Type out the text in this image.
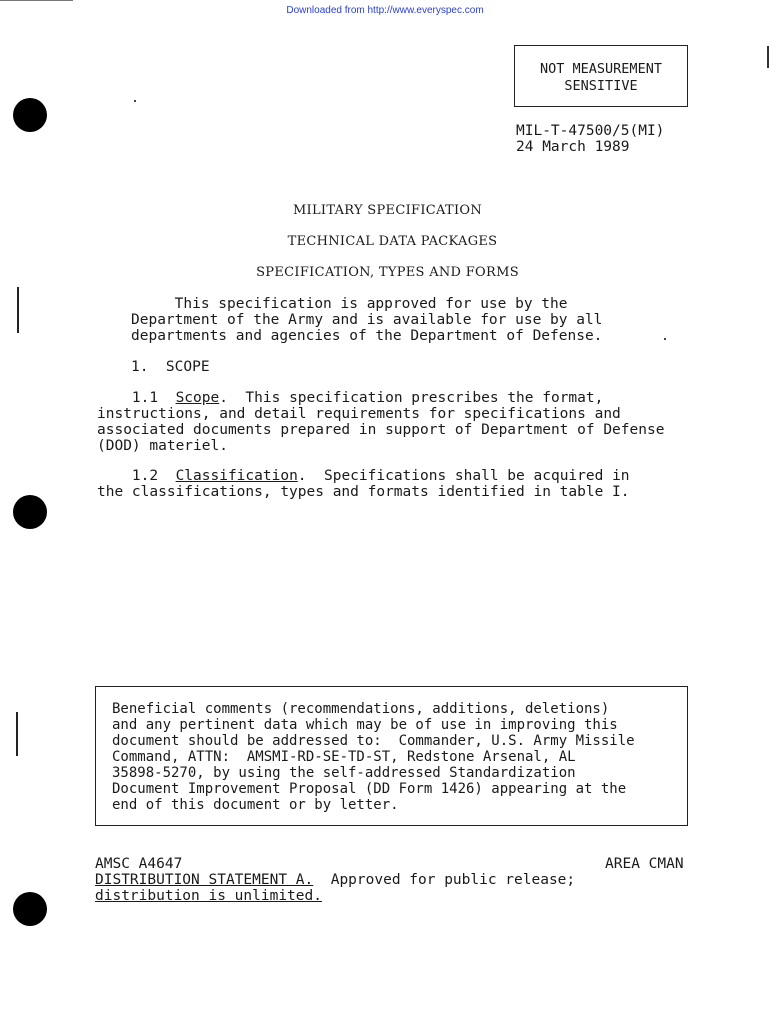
Downloaded from http://www.everyspec.com
NOT MEASUREMENT
SENSITIVE
MIL-T-47500/5(MI)
24 March 1989
MILITARY SPECIFICATION
TECHNICAL DATA PACKAGES
SPECIFICATION, TYPES AND FORMS
This specification is approved for use by the
Department of the Army and is available for use by all
departments and agencies of the Department of Defense.
1.  SCOPE
1.1  Scope.  This specification prescribes the format,
instructions, and detail requirements for specifications and
associated documents prepared in support of Department of Defense
(DOD) materiel.
1.2  Classification.  Specifications shall be acquired in
the classifications, types and formats identified in table I.
Beneficial comments (recommendations, additions, deletions)
and any pertinent data which may be of use in improving this
document should be addressed to:  Commander, U.S. Army Missile
Command, ATTN:  AMSMI-RD-SE-TD-ST, Redstone Arsenal, AL
35898-5270, by using the self-addressed Standardization
Document Improvement Proposal (DD Form 1426) appearing at the
end of this document or by letter.
AMSC A4647	AREA CMAN
DISTRIBUTION STATEMENT A.  Approved for public release;
distribution is unlimited.
